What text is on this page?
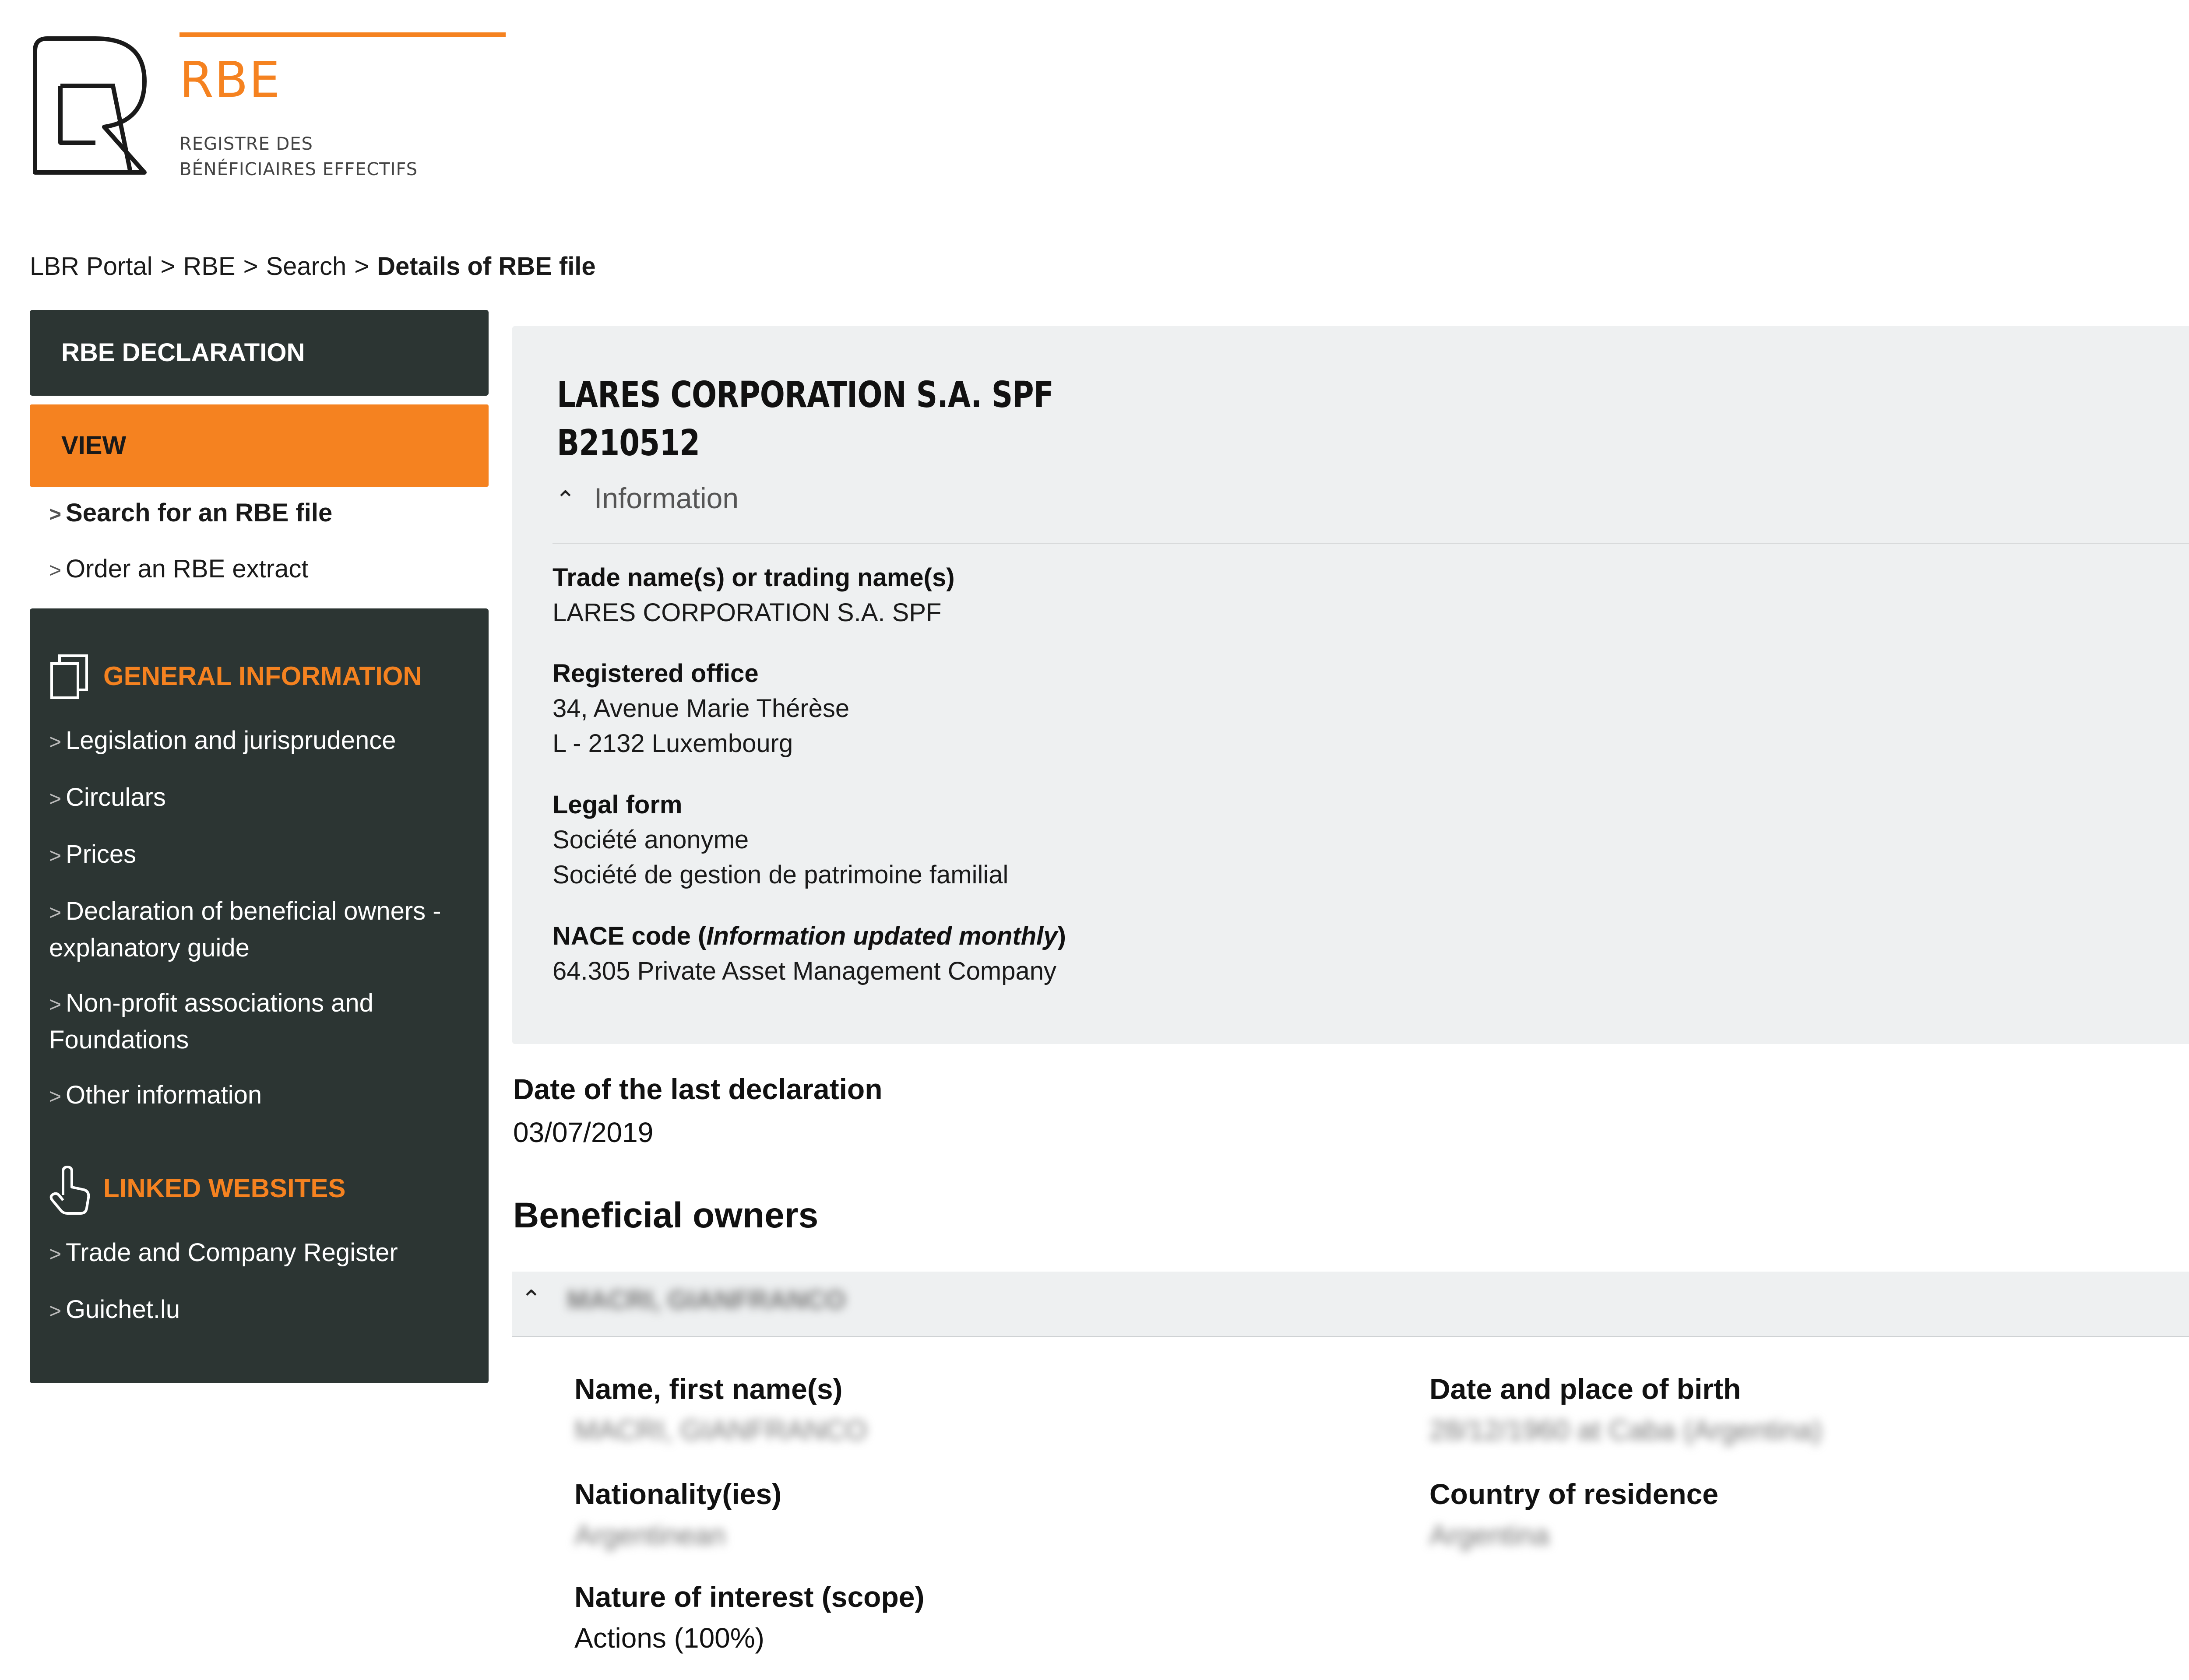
RBE
REGISTRE DES
BÉNÉFICIAIRES EFFECTIFS
LBR Portal > RBE > Search > Details of RBE file
RBE DECLARATION
VIEW
> Search for an RBE file
> Order an RBE extract
GENERAL INFORMATION
> Legislation and jurisprudence
> Circulars
> Prices
> Declaration of beneficial owners - explanatory guide
> Non-profit associations and Foundations
> Other information
LINKED WEBSITES
> Trade and Company Register
> Guichet.lu
LARES CORPORATION S.A. SPF
B210512
⌃ Information
Trade name(s) or trading name(s)
LARES CORPORATION S.A. SPF
Registered office
34, Avenue Marie Thérèse
L - 2132 Luxembourg
Legal form
Société anonyme
Société de gestion de patrimoine familial
NACE code (Information updated monthly)
64.305 Private Asset Management Company
Date of the last declaration
03/07/2019
Beneficial owners
⌃ MACRI, GIANFRANCO
Name, first name(s)
MACRI, GIANFRANCO
Date and place of birth
28/12/1960 at Caba (Argentina)
Nationality(ies)
Argentinean
Country of residence
Argentina
Nature of interest (scope)
Actions (100%)
